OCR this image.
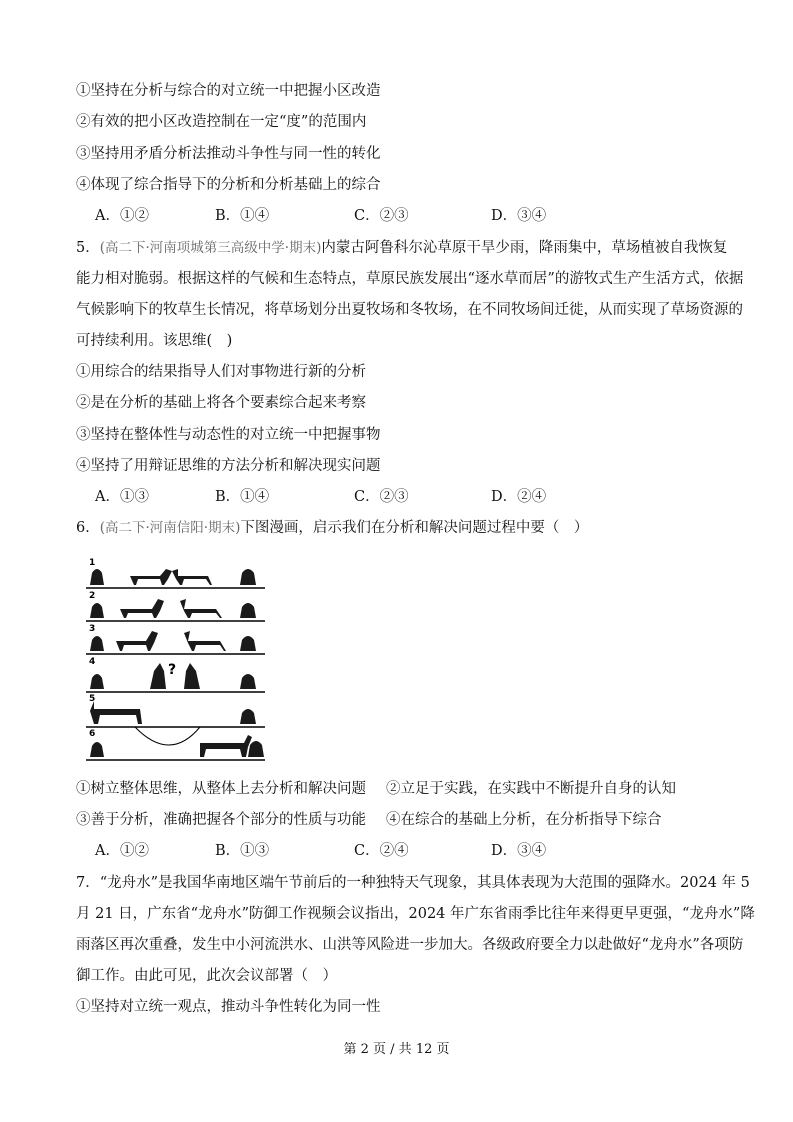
①坚持在分析与综合的对立统一中把握小区改造
②有效的把小区改造控制在一定“度”的范围内
③坚持用矛盾分析法推动斗争性与同一性的转化
④体现了综合指导下的分析和分析基础上的综合
A．①②	B．①④	C．②③	D．③④
5．(高二下·河南项城第三高级中学·期末)内蒙古阿鲁科尔沁草原干旱少雨，降雨集中，草场植被自我恢复
能力相对脆弱。根据这样的气候和生态特点，草原民族发展出“逐水草而居”的游牧式生产生活方式，依据
气候影响下的牧草生长情况，将草场划分出夏牧场和冬牧场，在不同牧场间迁徙，从而实现了草场资源的
可持续利用。该思维(　)
①用综合的结果指导人们对事物进行新的分析
②是在分析的基础上将各个要素综合起来考察
③坚持在整体性与动态性的对立统一中把握事物
④坚持了用辩证思维的方法分析和解决现实问题
A．①③	B．①④	C．②③	D．②④
6．(高二下·河南信阳·期末)下图漫画，启示我们在分析和解决问题过程中要（　）
1
2
3
4
5
6
?
①树立整体思维，从整体上去分析和解决问题 ②立足于实践，在实践中不断提升自身的认知
③善于分析，准确把握各个部分的性质与功能 ④在综合的基础上分析，在分析指导下综合
A．①②	B．①③	C．②④	D．③④
7．“龙舟水”是我国华南地区端午节前后的一种独特天气现象，其具体表现为大范围的强降水。2024 年 5
月 21 日，广东省“龙舟水”防御工作视频会议指出，2024 年广东省雨季比往年来得更早更强，“龙舟水”降
雨落区再次重叠，发生中小河流洪水、山洪等风险进一步加大。各级政府要全力以赴做好“龙舟水”各项防
御工作。由此可见，此次会议部署（　）
①坚持对立统一观点，推动斗争性转化为同一性
第 2 页 / 共 12 页
